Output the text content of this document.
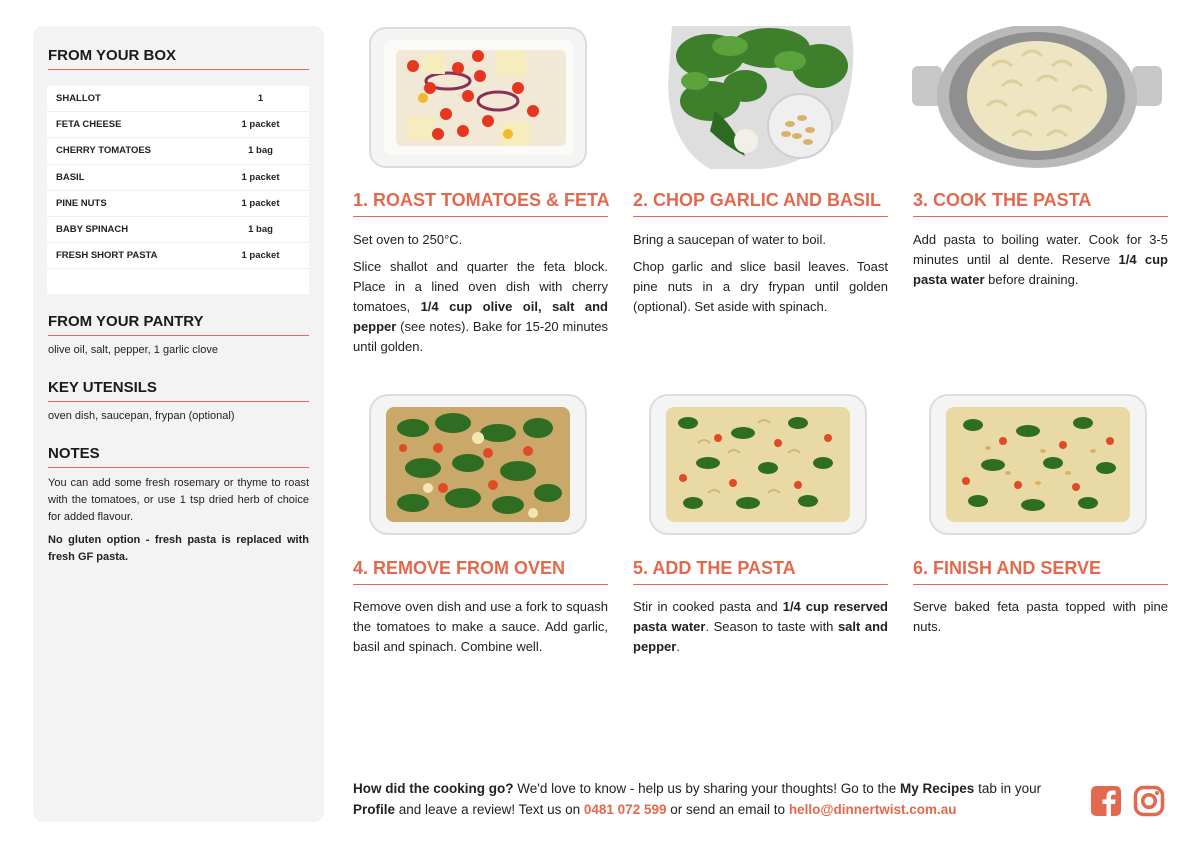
FROM YOUR BOX
SHALLOT	1
FETA CHEESE	1 packet
CHERRY TOMATOES	1 bag
BASIL	1 packet
PINE NUTS	1 packet
BABY SPINACH	1 bag
FRESH SHORT PASTA	1 packet
FROM YOUR PANTRY
olive oil, salt, pepper, 1 garlic clove
KEY UTENSILS
oven dish, saucepan, frypan (optional)
NOTES

You can add some fresh rosemary or thyme to roast with the tomatoes, or use 1 tsp dried herb of choice for added flavour.

No gluten option - fresh pasta is replaced with fresh GF pasta.

1. ROAST TOMATOES & FETA 2. CHOP GARLIC AND BASIL	3. COOK THE PASTA
4. REMOVE FROM OVEN	5. ADD THE PASTA	6. FINISH AND SERVE

Set oven to 250°C.

Slice shallot and quarter the feta block. Place in a lined oven dish with cherry tomatoes, 1/4 cup olive oil, salt and pepper (see notes). Bake for 15-20 minutes until golden.

Bring a saucepan of water to boil.

Chop garlic and slice basil leaves. Toast pine nuts in a dry frypan until golden (optional). Set aside with spinach.

Add pasta to boiling water. Cook for 3-5 minutes until al dente. Reserve 1/4 cup pasta water before draining.

Remove oven dish and use a fork to squash the tomatoes to make a sauce. Add garlic, basil and spinach. Combine well.

Stir in cooked pasta and 1/4 cup reserved pasta water. Season to taste with salt and pepper.

Serve baked feta pasta topped with pine nuts.

How did the cooking go? We'd love to know - help us by sharing your thoughts! Go to the My Recipes tab in your Profile and leave a review! Text us on 0481 072 599 or send an email to hello@dinnertwist.com.au
